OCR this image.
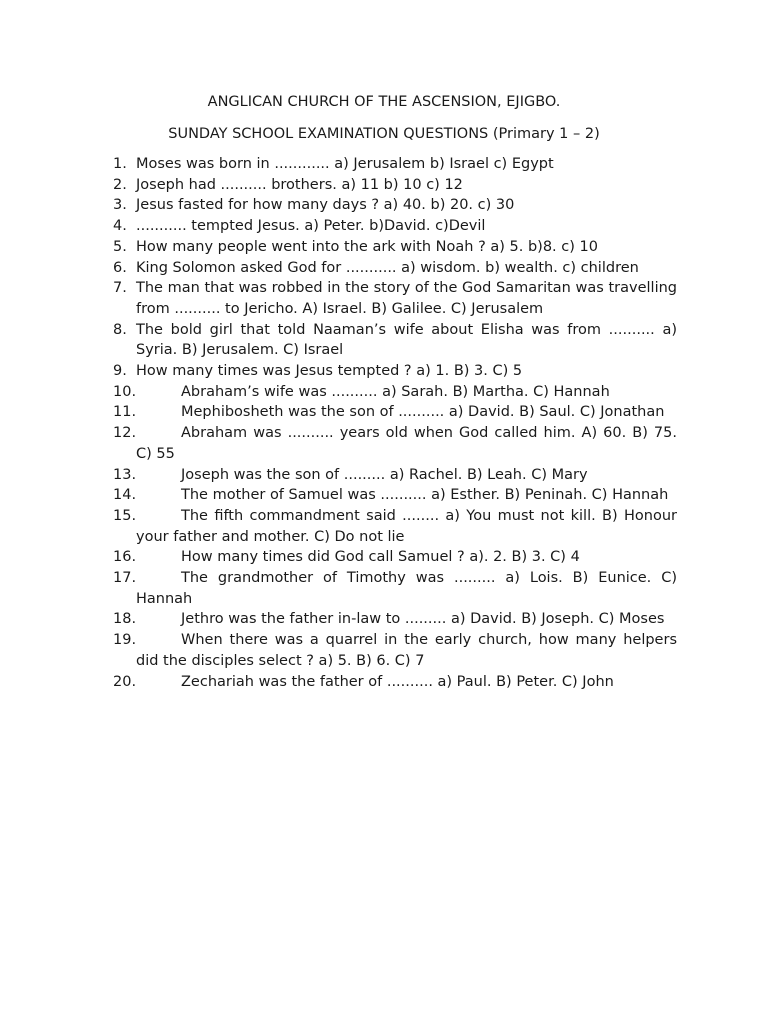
ANGLICAN CHURCH OF THE ASCENSION, EJIGBO.
SUNDAY SCHOOL EXAMINATION QUESTIONS (Primary 1 – 2)
1. Moses was born in ............ a) Jerusalem b) Israel c) Egypt
2. Joseph had .......... brothers. a) 11 b) 10 c) 12
3. Jesus fasted for how many days ? a) 40. b) 20. c) 30
4. ........... tempted Jesus. a) Peter. b)David. c)Devil
5. How many people went into the ark with Noah ? a) 5. b)8. c) 10
6. King Solomon asked God for ........... a) wisdom. b) wealth. c) children
7. The man that was robbed in the story of the God Samaritan was travelling from .......... to Jericho. A) Israel. B) Galilee. C) Jerusalem
8. The bold girl that told Naaman’s wife about Elisha was from .......... a) Syria. B) Jerusalem. C) Israel
9. How many times was Jesus tempted ? a) 1. B) 3. C) 5
10.	Abraham’s wife was .......... a) Sarah. B) Martha. C) Hannah
11.	Mephibosheth was the son of .......... a) David. B) Saul. C) Jonathan
12.	Abraham was .......... years old when God called him. A) 60. B) 75. C) 55
13.	Joseph was the son of ......... a) Rachel. B) Leah. C) Mary
14.	The mother of Samuel was .......... a) Esther. B) Peninah. C) Hannah
15.	The fifth commandment said ........ a) You must not kill. B) Honour your father and mother. C) Do not lie
16.	How many times did God call Samuel ? a). 2. B) 3. C) 4
17.	The grandmother of Timothy was ......... a) Lois. B) Eunice. C) Hannah
18.	Jethro was the father in-law to ......... a) David. B) Joseph. C) Moses
19.	When there was a quarrel in the early church, how many helpers did the disciples select ? a) 5. B) 6. C) 7
20.	Zechariah was the father of .......... a) Paul. B) Peter. C) John
